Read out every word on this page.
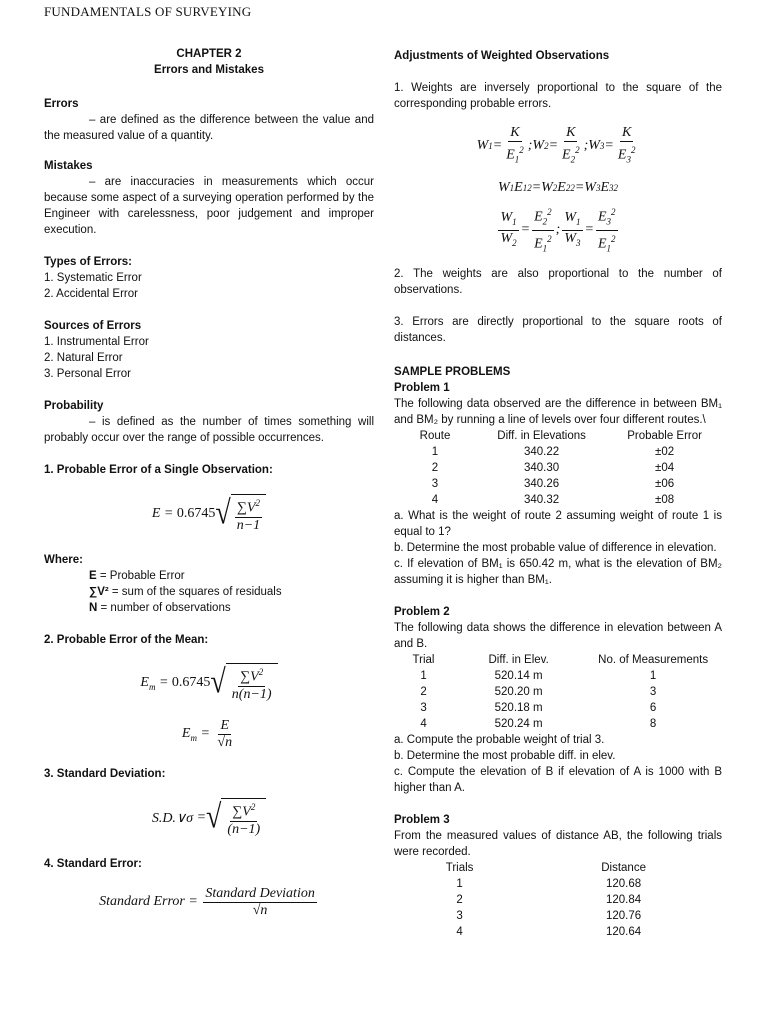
FUNDAMENTALS OF SURVEYING

CHAPTER 2

Errors and Mistakes

Errors

– are defined as the difference between the value and the measured value of a quantity.

Mistakes

– are inaccuracies in measurements which occur because some aspect of a surveying operation performed by the Engineer with carelessness, poor judgement and improper execution.

Types of Errors:
1. Systematic Error
2. Accidental Error
Sources of Errors
1. Instrumental Error
2. Natural Error
3. Personal Error
Probability

– is defined as the number of times something will probably occur over the range of possible occurrences.

1. Probable Error of a Single Observation:
E = 0.6745 √ $\frac{\sum V^2}{n-1}$
Where:
E = Probable Error
∑V² = sum of the squares of residuals
N = number of observations
2. Probable Error of the Mean:
$E_m = 0.6745$ √ $\frac{\sum V^2}{n(n-1)}$
$E_m = \frac{E}{√n}$
3. Standard Deviation:
S.D.∨σ = √ $\frac{\sum V^2}{(n-1)}$
4. Standard Error:
Standard Error = $\frac{\text{Standard Deviation}}{√n}$
Adjustments of Weighted Observations

1. Weights are inversely proportional to the square of the corresponding probable errors.

W $1 = \frac{K}{E_1^2}$ ;W $2 = \frac{K}{E_2^2}$ ;W $3 = \frac{K}{E_3^2}$
W 1 E 1 2 =W 2 E 2 2 =W 3 E 3 2
$\frac{W_1}{W_2} = \frac{E_2^2}{E_1^2}$ ; $\frac{W_1}{W_3} = \frac{E_3^2}{E_1^2}$

2. The weights are also proportional to the number of observations.

3. Errors are directly proportional to the square roots of distances.

SAMPLE PROBLEMS
Problem 1

The following data observed are the difference in between BM₁ and BM₂ by running a line of levels over four different routes.\

Route	Diff. in Elevations	Probable Error
1	340.22	±02
2	340.30	±04
3	340.26	±06
4	340.32	±08

a. What is the weight of route 2 assuming weight of route 1 is equal to 1?

b. Determine the most probable value of difference in elevation.

c. If elevation of BM₁ is 650.42 m, what is the elevation of BM₂ assuming it is higher than BM₁.

Problem 2

The following data shows the difference in elevation between A and B.

Trial	Diff. in Elev.	No. of Measurements
1	520.14 m	1
2	520.20 m	3
3	520.18 m	6
4	520.24 m	8

a. Compute the probable weight of trial 3.

b. Determine the most probable diff. in elev.

c. Compute the elevation of B if elevation of A is 1000 with B higher than A.

Problem 3

From the measured values of distance AB, the following trials were recorded.

Trials	Distance
1	120.68
2	120.84
3	120.76
4	120.64
